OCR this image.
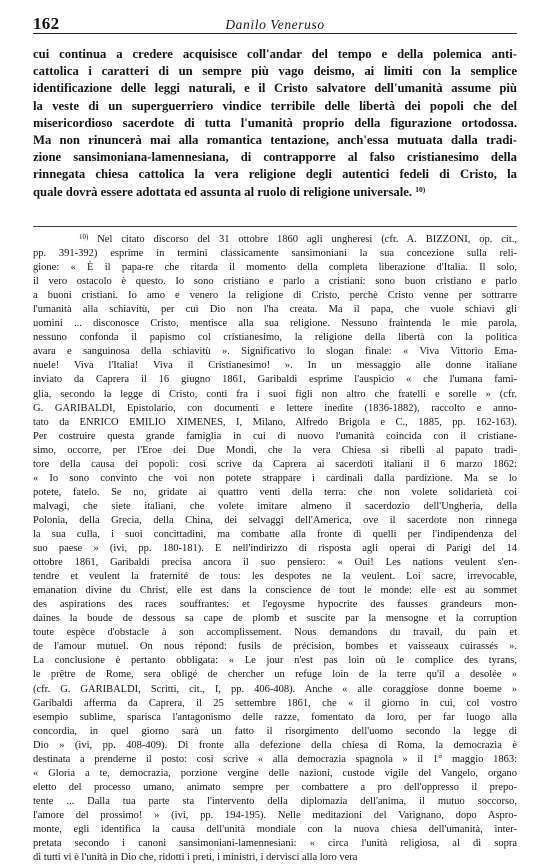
162	Danilo Veneruso
cui continua a credere acquisisce coll'andar del tempo e della polemica anti-
cattolica i caratteri di un sempre più vago deismo, ai limiti con la semplice
identificazione delle leggi naturali, e il Cristo salvatore dell'umanità assume più
la veste di un superguerriero vindice terribile delle libertà dei popoli che del
misericordioso sacerdote di tutta l'umanità proprio della figurazione ortodossa.
Ma non rinuncerà mai alla romantica tentazione, anch'essa mutuata dalla tradi-
zione sansimoniana-lamennesiana, di contrapporre al falso cristianesimo della
rinnegata chiesa cattolica la vera religione degli autentici fedeli di Cristo, la
quale dovrà essere adottata ed assunta al ruolo di religione universale. $^{10)}$
$^{10)}$ Nel citato discorso del 31 ottobre 1860 agli ungheresi (cfr. A. BIZZONI, op. cit.,
pp. 391-392) esprime in termini classicamente sansimoniani la sua concezione sulla reli-
gione: « È il papa-re che ritarda il momento della completa liberazione d'Italia. Il solo,
il vero ostacolo è questo. Io sono cristiano e parlo a cristiani: sono buon cristiano e parlo
a buoni cristiani. Io amo e venero la religione di Cristo, perchè Cristo venne per sottrarre
l'umanità alla schiavitù, per cui Dio non l'ha creata. Ma il papa, che vuole schiavi gli
uomini ... disconosce Cristo, mentisce alla sua religione. Nessuno fraintenda le mie parola,
nessuno confonda il papismo col cristianesimo, la religione della libertà con la politica
avara e sanguinosa della schiavitù ». Significativo lo slogan finale: « Viva Vittorio Ema-
nuele! Viva l'Italia! Viva il Cristianesimo! ». In un messaggio alle donne italiane
inviato da Caprera il 16 giugno 1861, Garibaldi esprime l'auspicio « che l'umana fami-
glia, secondo la legge di Cristo, conti fra i suoi figli non altro che fratelli e sorelle » (cfr.
G. GARIBALDI, Epistolario, con documenti e lettere inedite (1836-1882), raccolto e anno-
tato da ENRICO EMILIO XIMENES, I, Milano, Alfredo Brigola e C., 1885, pp. 162-163).
Per costruire questa grande famiglia in cui di nuovo l'umanità coincida con il cristiane-
simo, occorre, per l'Eroe dei Due Mondi, che la vera Chiesa si ribelli al papato tradi-
tore della causa dei popoli: così scrive da Caprera ai sacerdoti italiani il 6 marzo 1862:
« Io sono convinto che voi non potete strappare i cardinali dalla pardizione. Ma se lo
potete, fatelo. Se no, gridate ai quattro venti della terra: che non volete solidarietà coi
malvagi, che siete italiani, che volete imitare almeno il sacerdozio dell'Ungheria, della
Polonia, della Grecia, della China, dei selvaggi dell'America, ove il sacerdote non rinnega
la sua culla, i suoi concittadini, ma combatte alla fronte di quelli per l'indipendenza del
suo paese » (ivi, pp. 180-181). E nell'indirizzo di risposta agli operai di Parigi del 14
ottobre 1861, Garibaldi precisa ancora il suo pensiero: « Oui! Les nations veulent s'en-
tendre et veulent la fraternité de tous: les despotes ne la veulent. Loi sacre, irrevocable,
emanation divine du Christ, elle est dans la conscience de tout le monde: elle est au sommet
des aspirations des races souffrantes: et l'egoysme hypocrite des fausses grandeurs mon-
daines la boude de dessous sa cape de plomb et suscite par la mensogne et la corruption
toute espèce d'obstacle à son accomplissement. Nous demandons du travail, du pain et
de l'amour mutuel. On nous répond: fusils de précision, bombes et vaisseaux cuirassés ».
La conclusione è pertanto obbligata: « Le jour n'est pas loin où le complice des tyrans,
le prêtre de Rome, sera obligé de chercher un refuge loin de la terre qu'il a desolée »
(cfr. G. GARIBALDI, Scritti, cit., I, pp. 406-408). Anche « alle coraggiose donne boeme »
Garibaldi afferma da Caprera, il 25 settembre 1861, che « il giorno in cui, col vostro
esempio sublime, sparisca l'antagonismo delle razze, fomentato da loro, per far luogo alla
concordia, in quel giorno sarà un fatto il risorgimento dell'uomo secondo la legge di
Dio » (ivi, pp. 408-409). Di fronte alla defezione della chiesa di Roma, la democrazia è
destinata a prenderne il posto: così scrive « alla democrazia spagnola » il 1° maggio 1863:
« Gloria a te, democrazia, porzione vergine delle nazioni, custode vigile del Vangelo, organo
eletto del processo umano, animato sempre per combattere a pro dell'oppresso il prepo-
tente ... Dalla tua parte sta l'intervento della diplomazia dell'anima, il mutuo soccorso,
l'amore del prossimo! » (ivi, pp. 194-195). Nelle meditazioni del Varignano, dopo Aspro-
monte, egli identifica la causa dell'unità mondiale con la nuova chiesa dell'umanità, inter-
pretata secondo i canoni sansimoniani-lamennesiani: « circa l'unità religiosa, al di sopra
di tutti vi è l'unità in Dio che, ridotti i preti, i ministri, i dervisci alla loro vera
